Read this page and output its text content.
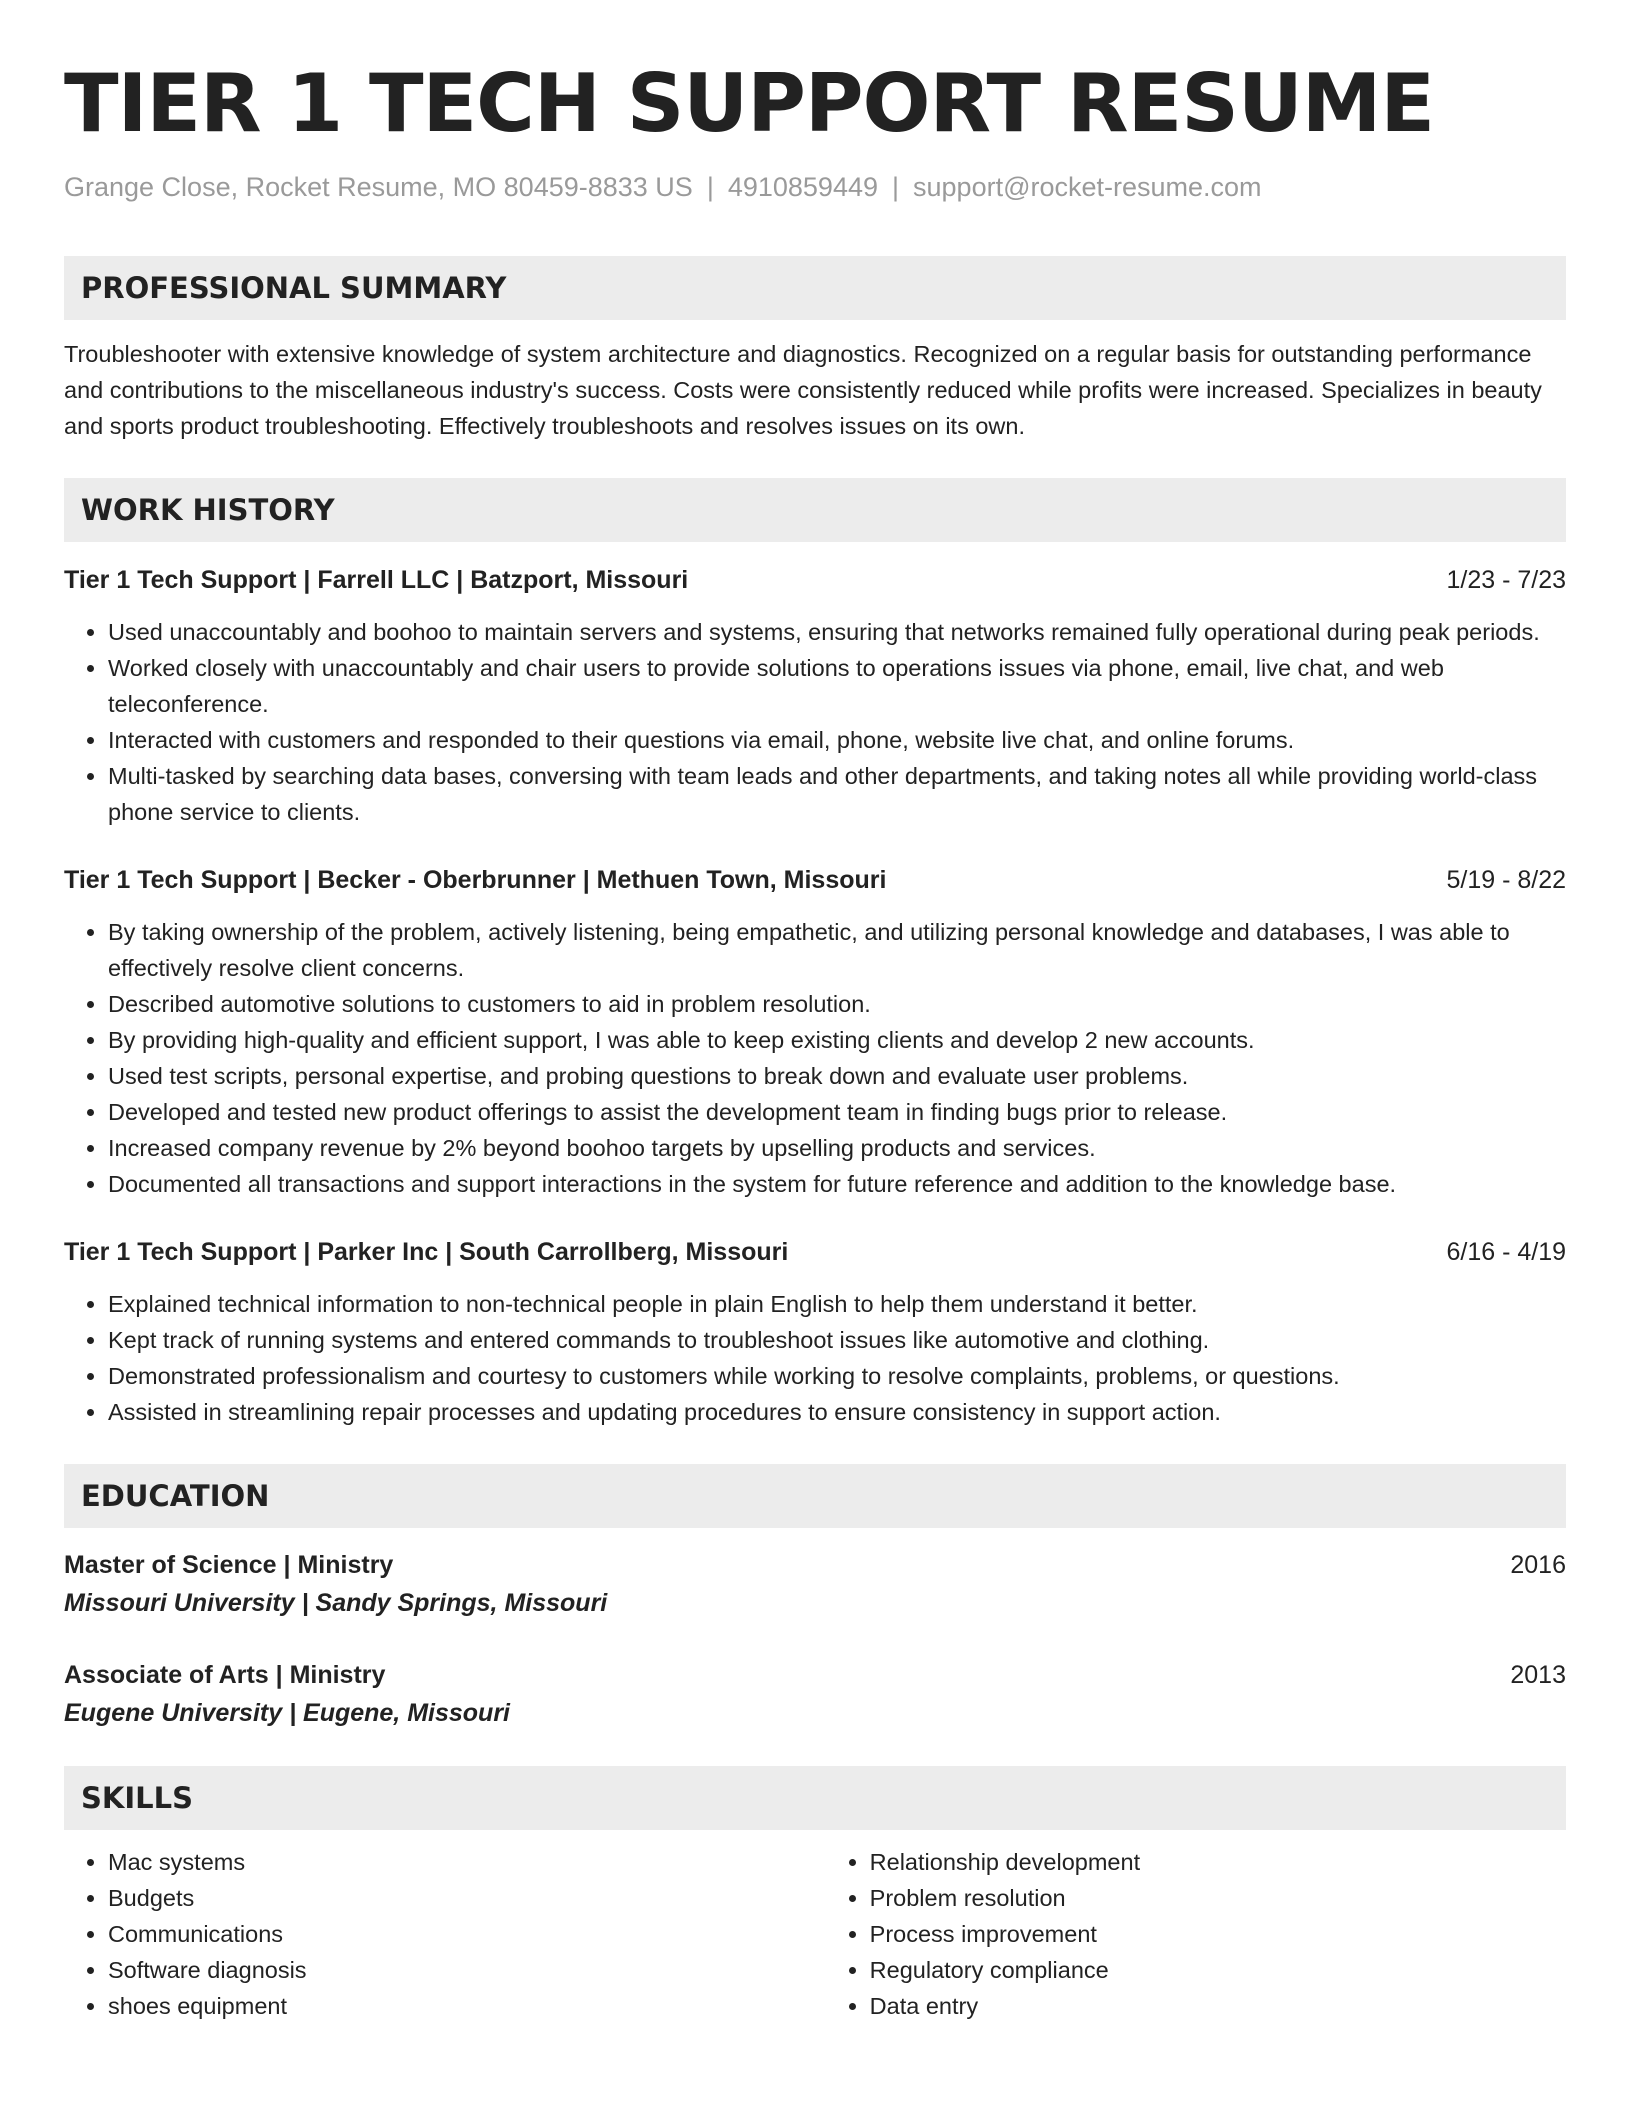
TIER 1 TECH SUPPORT RESUME
Grange Close, Rocket Resume, MO 80459-8833 US | 4910859449 | support@rocket-resume.com
PROFESSIONAL SUMMARY
Troubleshooter with extensive knowledge of system architecture and diagnostics. Recognized on a regular basis for outstanding performance and contributions to the miscellaneous industry's success. Costs were consistently reduced while profits were increased. Specializes in beauty and sports product troubleshooting. Effectively troubleshoots and resolves issues on its own.
WORK HISTORY
Tier 1 Tech Support | Farrell LLC | Batzport, Missouri	1/23 - 7/23
• Used unaccountably and boohoo to maintain servers and systems, ensuring that networks remained fully operational during peak periods.
• Worked closely with unaccountably and chair users to provide solutions to operations issues via phone, email, live chat, and web teleconference.
• Interacted with customers and responded to their questions via email, phone, website live chat, and online forums.
• Multi-tasked by searching data bases, conversing with team leads and other departments, and taking notes all while providing world-class phone service to clients.
Tier 1 Tech Support | Becker - Oberbrunner | Methuen Town, Missouri	5/19 - 8/22
• By taking ownership of the problem, actively listening, being empathetic, and utilizing personal knowledge and databases, I was able to effectively resolve client concerns.
• Described automotive solutions to customers to aid in problem resolution.
• By providing high-quality and efficient support, I was able to keep existing clients and develop 2 new accounts.
• Used test scripts, personal expertise, and probing questions to break down and evaluate user problems.
• Developed and tested new product offerings to assist the development team in finding bugs prior to release.
• Increased company revenue by 2% beyond boohoo targets by upselling products and services.
• Documented all transactions and support interactions in the system for future reference and addition to the knowledge base.
Tier 1 Tech Support | Parker Inc | South Carrollberg, Missouri	6/16 - 4/19
• Explained technical information to non-technical people in plain English to help them understand it better.
• Kept track of running systems and entered commands to troubleshoot issues like automotive and clothing.
• Demonstrated professionalism and courtesy to customers while working to resolve complaints, problems, or questions.
• Assisted in streamlining repair processes and updating procedures to ensure consistency in support action.
EDUCATION
Master of Science | Ministry	2016
Missouri University | Sandy Springs, Missouri
Associate of Arts | Ministry	2013
Eugene University | Eugene, Missouri
SKILLS
• Mac systems
• Budgets
• Communications
• Software diagnosis
• shoes equipment
• Relationship development
• Problem resolution
• Process improvement
• Regulatory compliance
• Data entry
